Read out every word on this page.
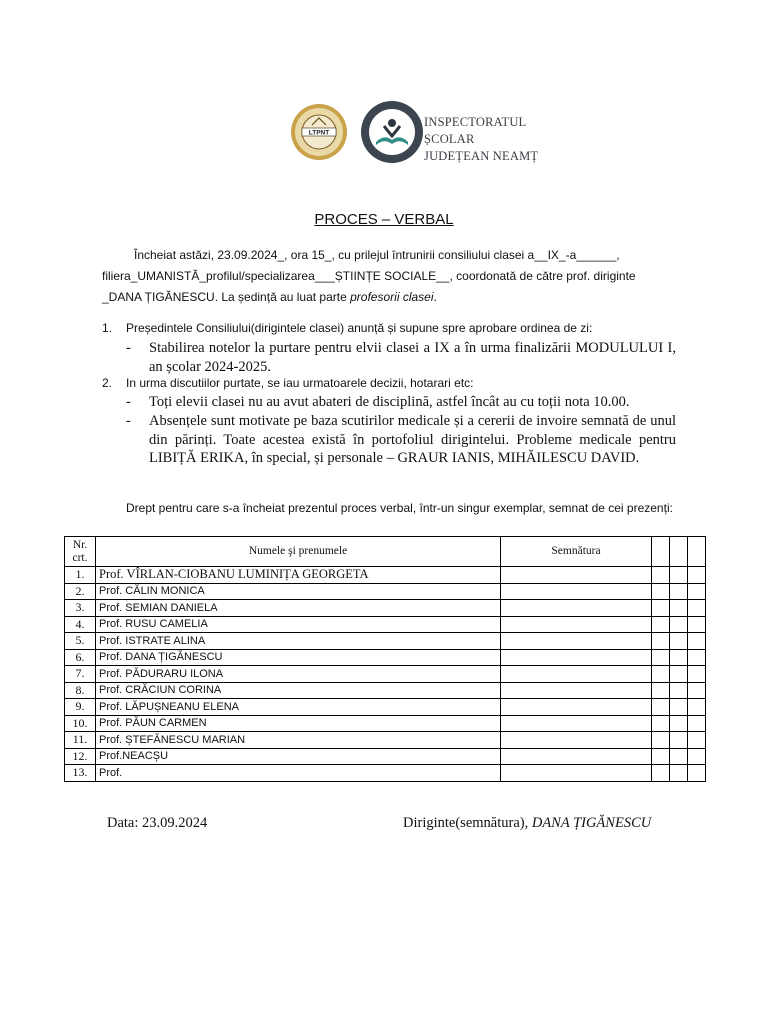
LTPNT
INSPECTORATUL ȘCOLAR
JUDEȚEAN NEAMȚ
PROCES – VERBAL
Încheiat astăzi, 23.09.2024_, ora 15_, cu prilejul întrunirii consiliului clasei a__IX_-a______,
filiera_UMANISTĂ_profilul/specializarea___ȘTIINȚE SOCIALE__, coordonată de către prof. diriginte
_DANA ȚIGĂNESCU. La ședință au luat parte profesorii clasei.
1. Președintele Consiliului(dirigintele clasei) anunță și supune spre aprobare ordinea de zi:
- Stabilirea notelor la purtare pentru elvii clasei a IX a în urma finalizării MODULULUI I, an școlar 2024-2025.
2. In urma discutiilor purtate, se iau urmatoarele decizii, hotarari etc:
- Toți elevii clasei nu au avut abateri de disciplină, astfel încât au cu toții nota 10.00.
- Absențele sunt motivate pe baza scutirilor medicale și a cererii de invoire semnată de unul din părinți. Toate acestea există în portofoliul dirigintelui. Probleme medicale pentru LIBIȚĂ ERIKA, în special, și personale – GRAUR IANIS, MIHĂILESCU DAVID.
Drept pentru care s-a încheiat prezentul proces verbal, într-un singur exemplar, semnat de cei prezenți:
Nr.
crt.	Numele şi prenumele	Semnătura			
1.	Prof. VÎRLAN-CIOBANU LUMINIȚA GEORGETA				
2.	Prof. CĂLIN MONICA				
3.	Prof. SEMIAN DANIELA				
4.	Prof. RUSU CAMELIA				
5.	Prof. ISTRATE ALINA				
6.	Prof. DANA ȚIGĂNESCU				
7.	Prof. PĂDURARU ILONA				
8.	Prof. CRĂCIUN CORINA				
9.	Prof. LĂPUȘNEANU ELENA				
10.	Prof. PĂUN CARMEN				
11.	Prof. ȘTEFĂNESCU MARIAN				
12.	Prof.NEACȘU				
13.	Prof.				
Data: 23.09.2024	Diriginte(semnătura), DANA ȚIGĂNESCU
